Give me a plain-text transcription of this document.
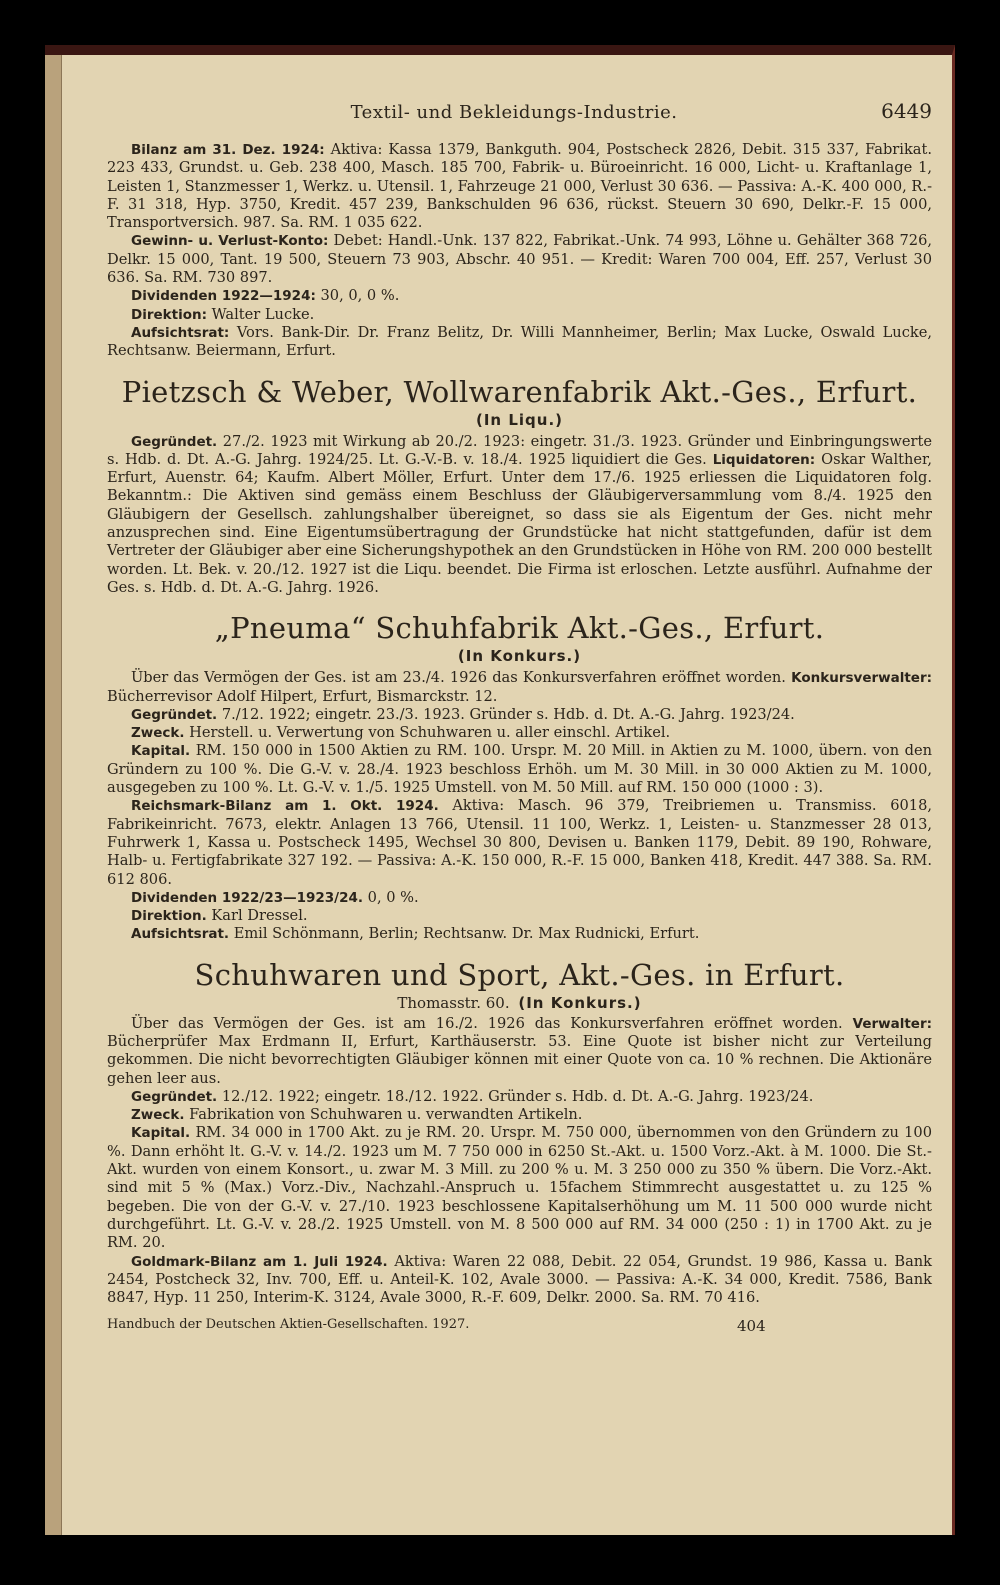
Textil- und Bekleidungs-Industrie.	6449

Bilanz am 31. Dez. 1924: Aktiva: Kassa 1379, Bankguth. 904, Postscheck 2826, Debit. 315 337, Fabrikat. 223 433, Grundst. u. Geb. 238 400, Masch. 185 700, Fabrik- u. Büroeinricht. 16 000, Licht- u. Kraftanlage 1, Leisten 1, Stanzmesser 1, Werkz. u. Utensil. 1, Fahrzeuge 21 000, Verlust 30 636. — Passiva: A.-K. 400 000, R.-F. 31 318, Hyp. 3750, Kredit. 457 239, Bankschulden 96 636, rückst. Steuern 30 690, Delkr.-F. 15 000, Transportversich. 987. Sa. RM. 1 035 622.

Gewinn- u. Verlust-Konto: Debet: Handl.-Unk. 137 822, Fabrikat.-Unk. 74 993, Löhne u. Gehälter 368 726, Delkr. 15 000, Tant. 19 500, Steuern 73 903, Abschr. 40 951. — Kredit: Waren 700 004, Eff. 257, Verlust 30 636. Sa. RM. 730 897.

Dividenden 1922—1924: 30, 0, 0 %.

Direktion: Walter Lucke.

Aufsichtsrat: Vors. Bank-Dir. Dr. Franz Belitz, Dr. Willi Mannheimer, Berlin; Max Lucke, Oswald Lucke, Rechtsanw. Beiermann, Erfurt.

Pietzsch & Weber, Wollwarenfabrik Akt.-Ges., Erfurt.
(In Liqu.)

Gegründet. 27./2. 1923 mit Wirkung ab 20./2. 1923: eingetr. 31./3. 1923. Gründer und Einbringungswerte s. Hdb. d. Dt. A.-G. Jahrg. 1924/25. Lt. G.-V.-B. v. 18./4. 1925 liquidiert die Ges. Liquidatoren: Oskar Walther, Erfurt, Auenstr. 64; Kaufm. Albert Möller, Erfurt. Unter dem 17./6. 1925 erliessen die Liquidatoren folg. Bekanntm.: Die Aktiven sind gemäss einem Beschluss der Gläubigerversammlung vom 8./4. 1925 den Gläubigern der Gesellsch. zahlungshalber übereignet, so dass sie als Eigentum der Ges. nicht mehr anzusprechen sind. Eine Eigentumsübertragung der Grundstücke hat nicht stattgefunden, dafür ist dem Vertreter der Gläubiger aber eine Sicherungshypothek an den Grundstücken in Höhe von RM. 200 000 bestellt worden. Lt. Bek. v. 20./12. 1927 ist die Liqu. beendet. Die Firma ist erloschen. Letzte ausführl. Aufnahme der Ges. s. Hdb. d. Dt. A.-G. Jahrg. 1926.

„Pneuma“ Schuhfabrik Akt.-Ges., Erfurt.
(In Konkurs.)

Über das Vermögen der Ges. ist am 23./4. 1926 das Konkursverfahren eröffnet worden. Konkursverwalter: Bücherrevisor Adolf Hilpert, Erfurt, Bismarckstr. 12.

Gegründet. 7./12. 1922; eingetr. 23./3. 1923. Gründer s. Hdb. d. Dt. A.-G. Jahrg. 1923/24.

Zweck. Herstell. u. Verwertung von Schuhwaren u. aller einschl. Artikel.

Kapital. RM. 150 000 in 1500 Aktien zu RM. 100. Urspr. M. 20 Mill. in Aktien zu M. 1000, übern. von den Gründern zu 100 %. Die G.-V. v. 28./4. 1923 beschloss Erhöh. um M. 30 Mill. in 30 000 Aktien zu M. 1000, ausgegeben zu 100 %. Lt. G.-V. v. 1./5. 1925 Umstell. von M. 50 Mill. auf RM. 150 000 (1000 : 3).

Reichsmark-Bilanz am 1. Okt. 1924. Aktiva: Masch. 96 379, Treibriemen u. Transmiss. 6018, Fabrikeinricht. 7673, elektr. Anlagen 13 766, Utensil. 11 100, Werkz. 1, Leisten- u. Stanzmesser 28 013, Fuhrwerk 1, Kassa u. Postscheck 1495, Wechsel 30 800, Devisen u. Banken 1179, Debit. 89 190, Rohware, Halb- u. Fertigfabrikate 327 192. — Passiva: A.-K. 150 000, R.-F. 15 000, Banken 418, Kredit. 447 388. Sa. RM. 612 806.

Dividenden 1922/23—1923/24. 0, 0 %.

Direktion. Karl Dressel.

Aufsichtsrat. Emil Schönmann, Berlin; Rechtsanw. Dr. Max Rudnicki, Erfurt.

Schuhwaren und Sport, Akt.-Ges. in Erfurt.
Thomasstr. 60. (In Konkurs.)

Über das Vermögen der Ges. ist am 16./2. 1926 das Konkursverfahren eröffnet worden. Verwalter: Bücherprüfer Max Erdmann II, Erfurt, Karthäuserstr. 53. Eine Quote ist bisher nicht zur Verteilung gekommen. Die nicht bevorrechtigten Gläubiger können mit einer Quote von ca. 10 % rechnen. Die Aktionäre gehen leer aus.

Gegründet. 12./12. 1922; eingetr. 18./12. 1922. Gründer s. Hdb. d. Dt. A.-G. Jahrg. 1923/24.

Zweck. Fabrikation von Schuhwaren u. verwandten Artikeln.

Kapital. RM. 34 000 in 1700 Akt. zu je RM. 20. Urspr. M. 750 000, übernommen von den Gründern zu 100 %. Dann erhöht lt. G.-V. v. 14./2. 1923 um M. 7 750 000 in 6250 St.-Akt. u. 1500 Vorz.-Akt. à M. 1000. Die St.-Akt. wurden von einem Konsort., u. zwar M. 3 Mill. zu 200 % u. M. 3 250 000 zu 350 % übern. Die Vorz.-Akt. sind mit 5 % (Max.) Vorz.-Div., Nachzahl.-Anspruch u. 15fachem Stimmrecht ausgestattet u. zu 125 % begeben. Die von der G.-V. v. 27./10. 1923 beschlossene Kapitalserhöhung um M. 11 500 000 wurde nicht durchgeführt. Lt. G.-V. v. 28./2. 1925 Umstell. von M. 8 500 000 auf RM. 34 000 (250 : 1) in 1700 Akt. zu je RM. 20.

Goldmark-Bilanz am 1. Juli 1924. Aktiva: Waren 22 088, Debit. 22 054, Grundst. 19 986, Kassa u. Bank 2454, Postcheck 32, Inv. 700, Eff. u. Anteil-K. 102, Avale 3000. — Passiva: A.-K. 34 000, Kredit. 7586, Bank 8847, Hyp. 11 250, Interim-K. 3124, Avale 3000, R.-F. 609, Delkr. 2000. Sa. RM. 70 416.

Handbuch der Deutschen Aktien-Gesellschaften. 1927.	404
